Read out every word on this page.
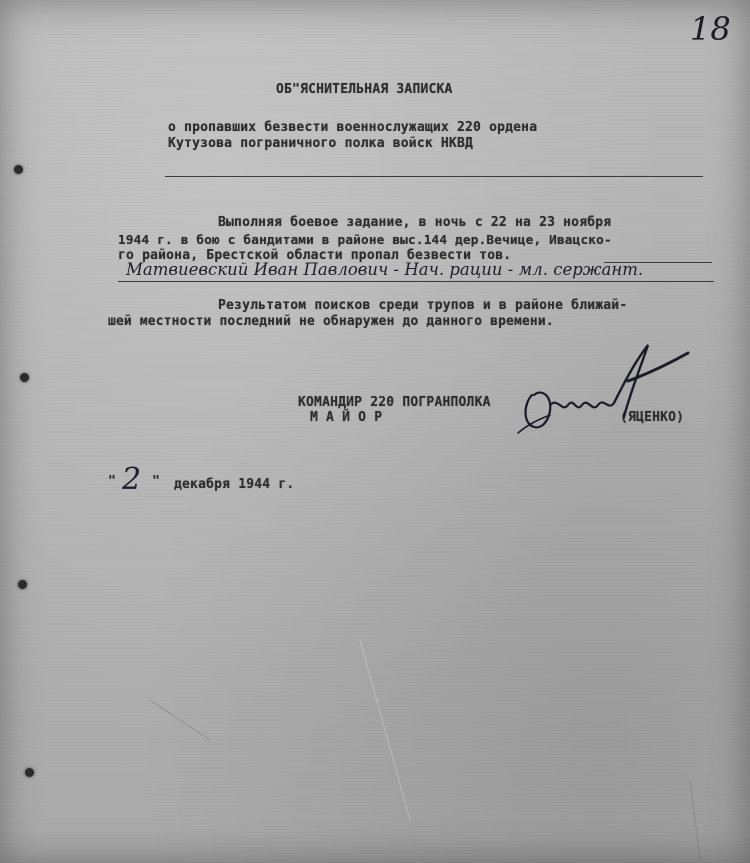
18
ОБ"ЯСНИТЕЛЬНАЯ ЗАПИСКА
о пропавших безвести военнослужащих 220 ордена
Кутузова пограничного полка войск НКВД
Выполняя боевое задание, в ночь с 22 на 23 ноября
1944 г. в бою с бандитами в районе выс.144 дер.Вечице, Ивацско-
го района, Брестской области пропал безвести тов.
Матвиевский Иван Павлович - Нач. рации - мл. сержант.
Результатом поисков среди трупов и в районе ближай-
шей местности последний не обнаружен до данного времени.
КОМАНДИР 220 ПОГРАНПОЛКА
М А Й О Р	(ЯЦЕНКО)
" 2 " декабря 1944 г.
